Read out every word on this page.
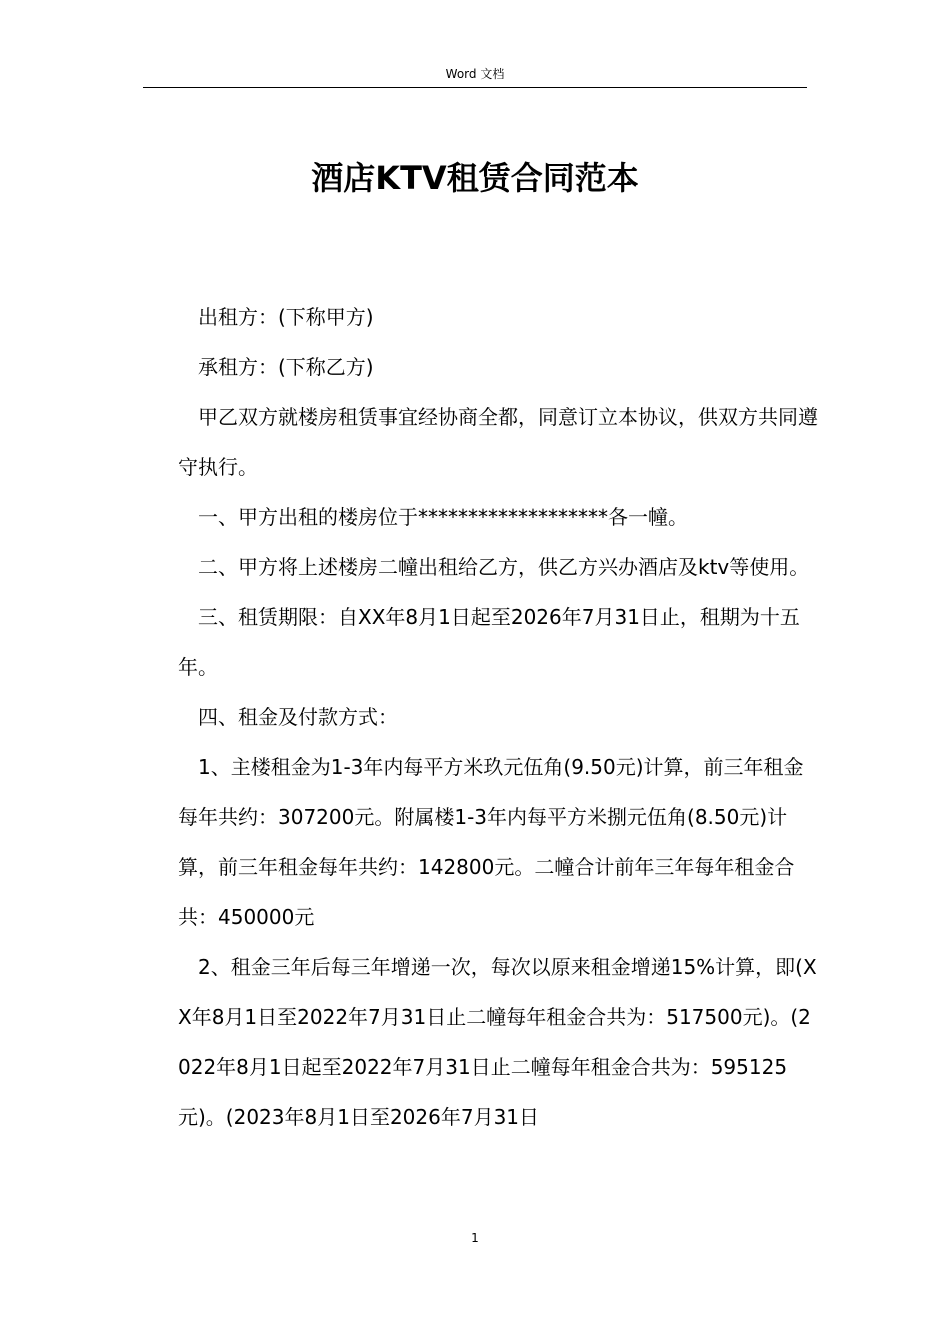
Word 文档
酒店KTV租赁合同范本

出租方：(下称甲方)

承租方：(下称乙方)

甲乙双方就楼房租赁事宜经协商全都，同意订立本协议，供双方共同遵守执行。

一、甲方出租的楼房位于*******************各一幢。

二、甲方将上述楼房二幢出租给乙方，供乙方兴办酒店及ktv等使用。

三、租赁期限：自XX年8月1日起至2026年7月31日止，租期为十五年。

四、租金及付款方式：

1、主楼租金为1-3年内每平方米玖元伍角(9.50元)计算，前三年租金每年共约：307200元。附属楼1-3年内每平方米捌元伍角(8.50元)计算，前三年租金每年共约：142800元。二幢合计前年三年每年租金合共：450000元

2、租金三年后每三年增递一次，每次以原来租金增递15%计算，即(XX年8月1日至2022年7月31日止二幢每年租金合共为：517500元)。(2022年8月1日起至2022年7月31日止二幢每年租金合共为：595125元)。(2023年8月1日至2026年7月31日

1
